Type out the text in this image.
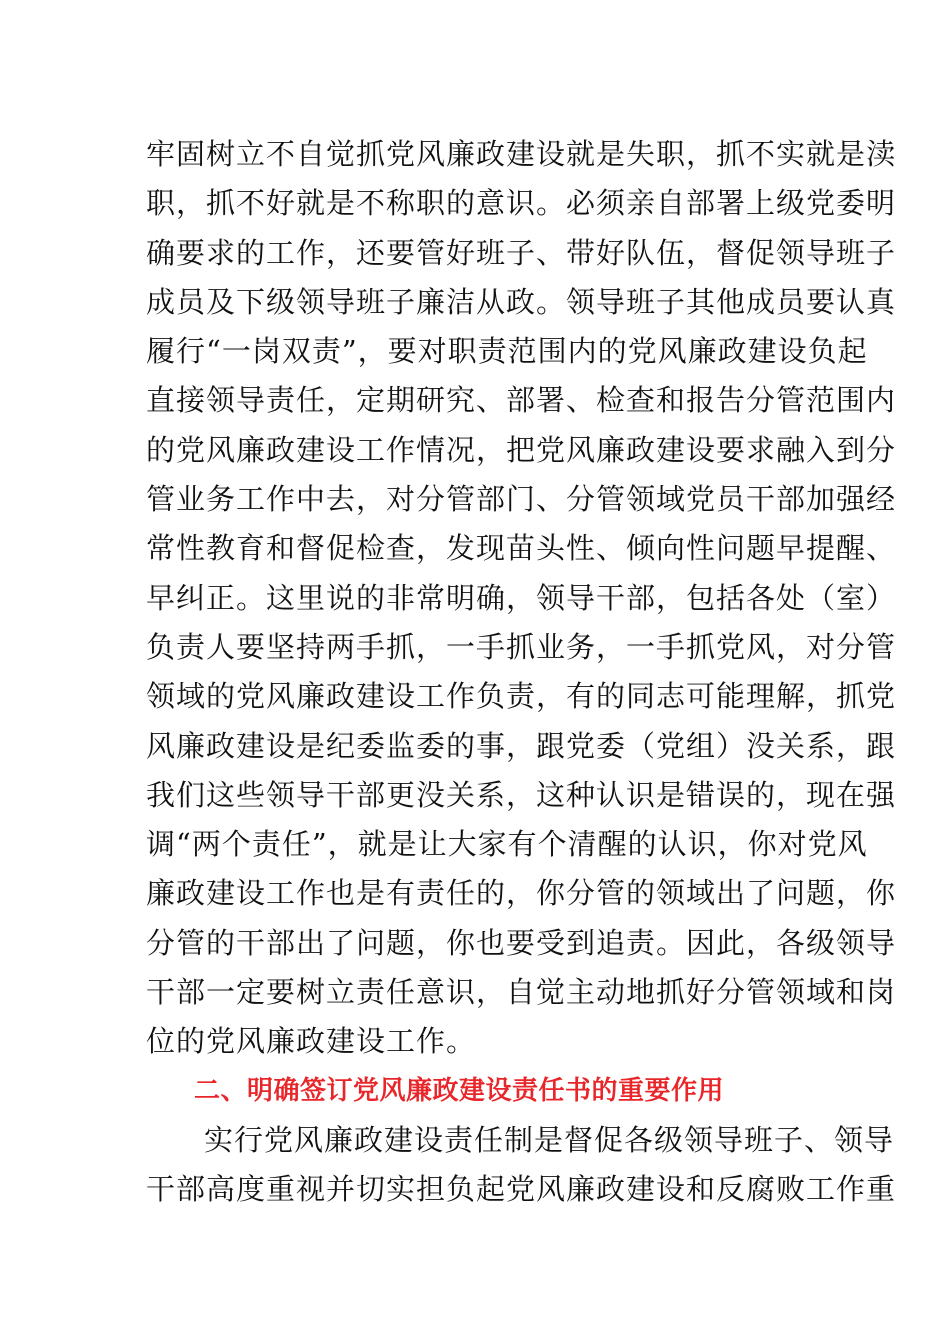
牢固树立不自觉抓党风廉政建设就是失职，抓不实就是渎
职，抓不好就是不称职的意识。必须亲自部署上级党委明
确要求的工作，还要管好班子、带好队伍，督促领导班子
成员及下级领导班子廉洁从政。领导班子其他成员要认真
履行“一岗双责”，要对职责范围内的党风廉政建设负起
直接领导责任，定期研究、部署、检查和报告分管范围内
的党风廉政建设工作情况，把党风廉政建设要求融入到分
管业务工作中去，对分管部门、分管领域党员干部加强经
常性教育和督促检查，发现苗头性、倾向性问题早提醒、
早纠正。这里说的非常明确，领导干部，包括各处（室）
负责人要坚持两手抓，一手抓业务，一手抓党风，对分管
领域的党风廉政建设工作负责，有的同志可能理解，抓党
风廉政建设是纪委监委的事，跟党委（党组）没关系，跟
我们这些领导干部更没关系，这种认识是错误的，现在强
调“两个责任”，就是让大家有个清醒的认识，你对党风
廉政建设工作也是有责任的，你分管的领域出了问题，你
分管的干部出了问题，你也要受到追责。因此，各级领导
干部一定要树立责任意识，自觉主动地抓好分管领域和岗
位的党风廉政建设工作。
二、明确签订党风廉政建设责任书的重要作用
实行党风廉政建设责任制是督促各级领导班子、领导
干部高度重视并切实担负起党风廉政建设和反腐败工作重
